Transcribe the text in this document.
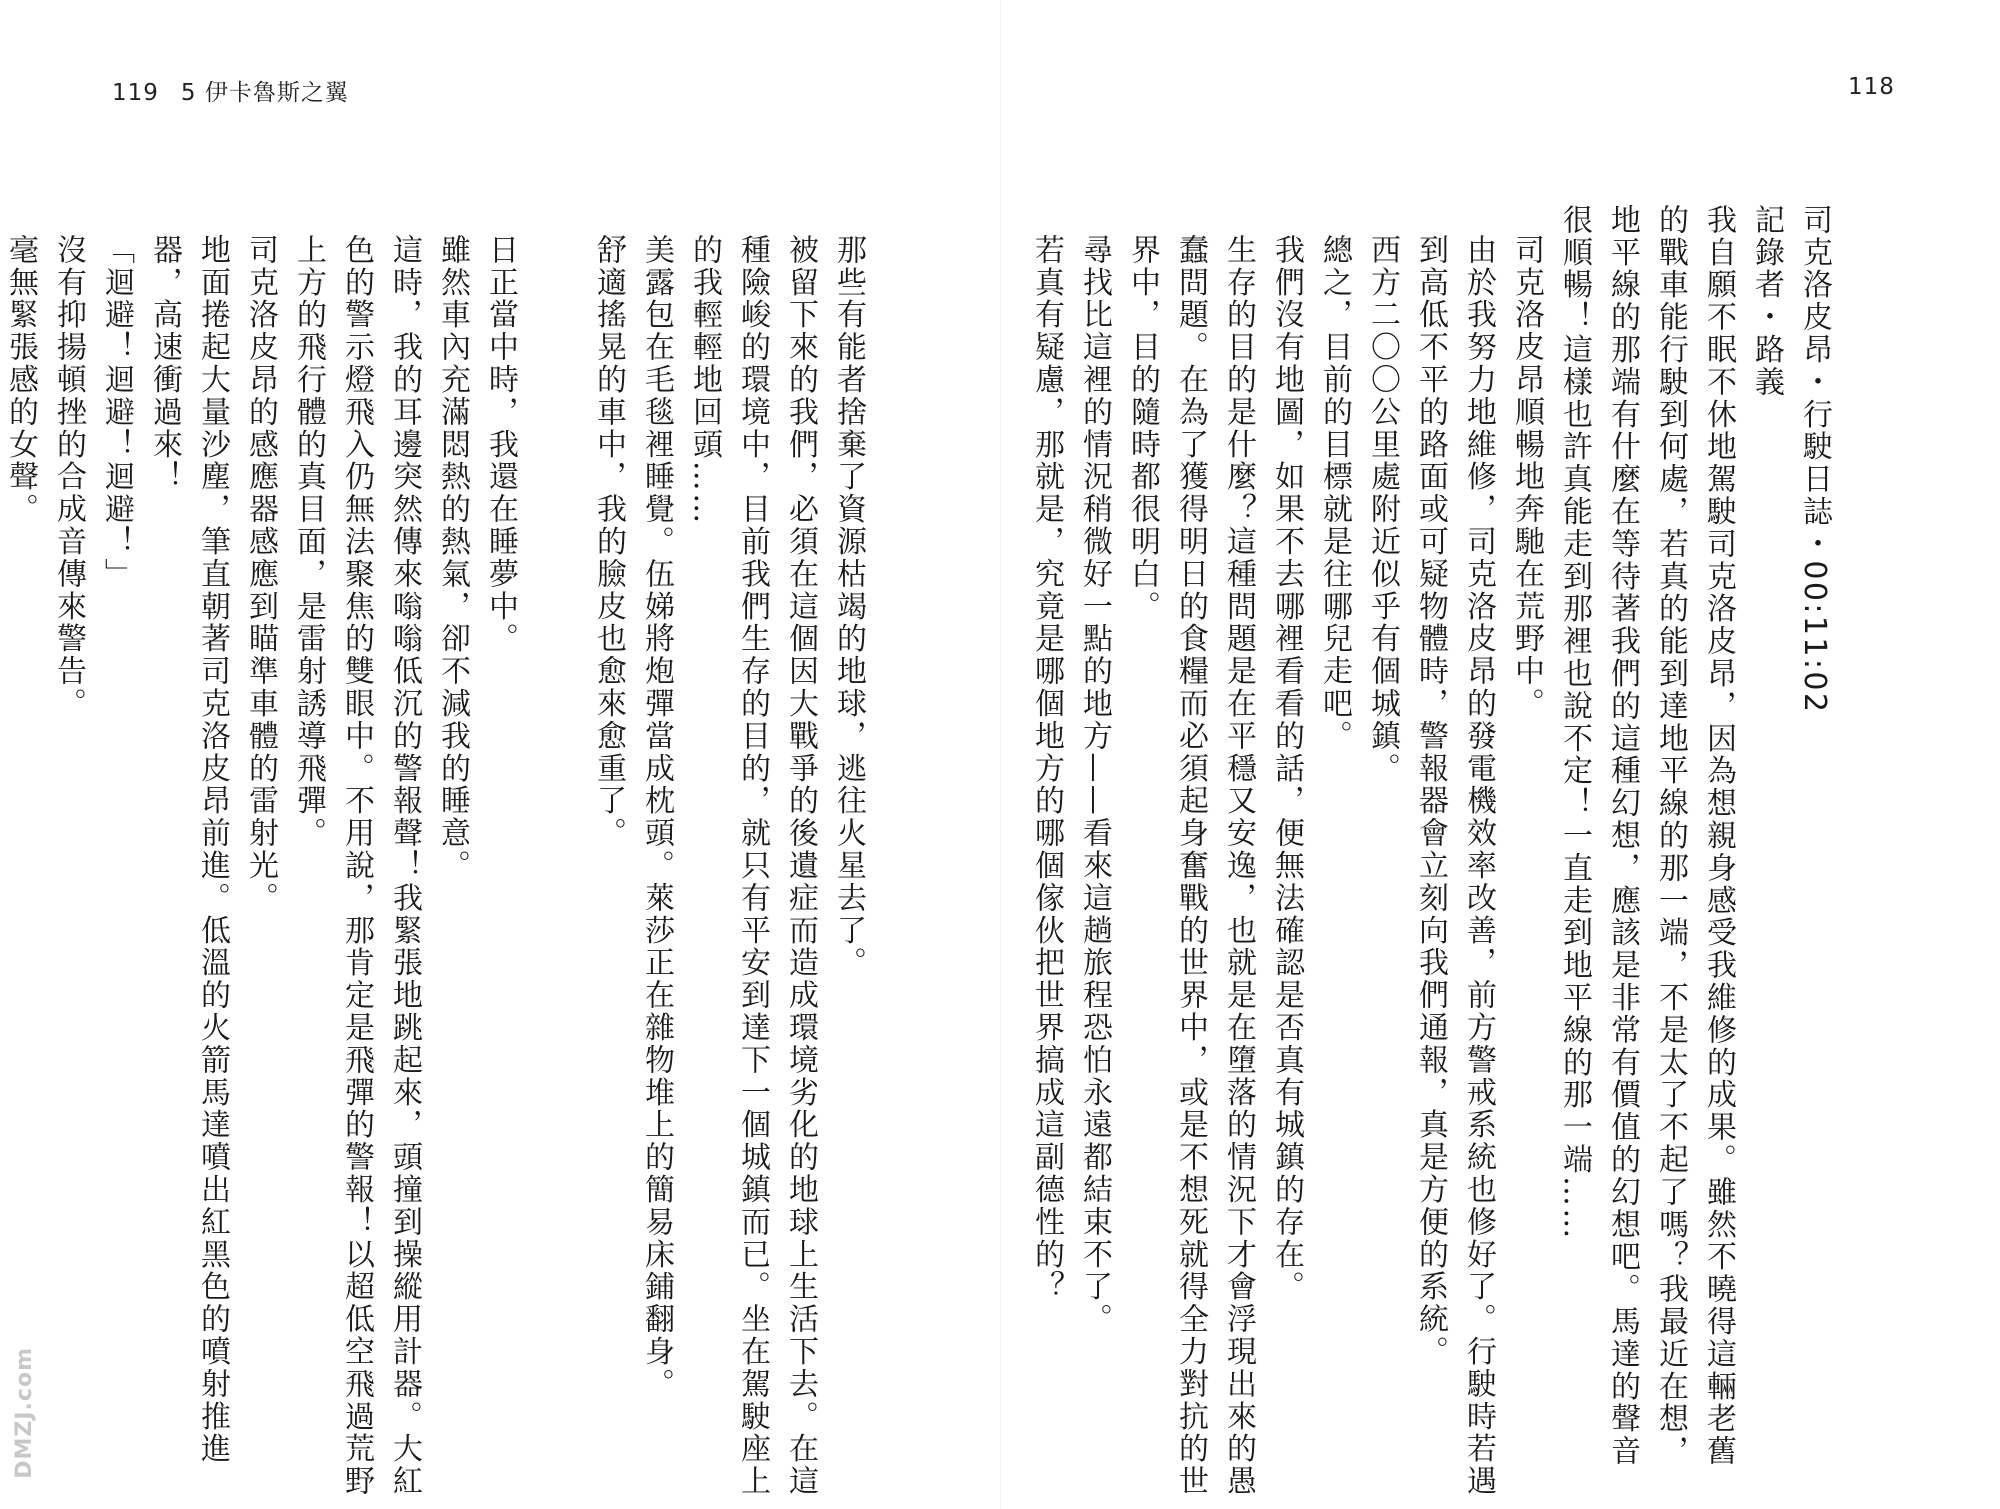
119 5 伊卡魯斯之翼	118

司克洛皮昂・行駛日誌・00:11:02

記錄者・路義

我自願不眠不休地駕駛司克洛皮昂，因為想親身感受我維修的成果。雖然不曉得這輛老舊的戰車能行駛到何處，若真的能到達地平線的那一端，不是太了不起了嗎？我最近在想，地平線的那端有什麼在等待著我們的這種幻想，應該是非常有價值的幻想吧。馬達的聲音很順暢！這樣也許真能走到那裡也說不定！一直走到地平線的那一端……

司克洛皮昂順暢地奔馳在荒野中。

由於我努力地維修，司克洛皮昂的發電機效率改善，前方警戒系統也修好了。行駛時若遇到高低不平的路面或可疑物體時，警報器會立刻向我們通報，真是方便的系統。

西方二〇〇公里處附近似乎有個城鎮。

總之，目前的目標就是往哪兒走吧。

我們沒有地圖，如果不去哪裡看看的話，便無法確認是否真有城鎮的存在。

生存的目的是什麼？這種問題是在平穩又安逸，也就是在墮落的情況下才會浮現出來的愚蠢問題。在為了獲得明日的食糧而必須起身奮戰的世界中，或是不想死就得全力對抗的世界中，目的隨時都很明白。

尋找比這裡的情況稍微好一點的地方——看來這趟旅程恐怕永遠都結束不了。

若真有疑慮，那就是，究竟是哪個地方的哪個傢伙把世界搞成這副德性的？

那些有能者捨棄了資源枯竭的地球，逃往火星去了。

被留下來的我們，必須在這個因大戰爭的後遺症而造成環境劣化的地球上生活下去。在這種險峻的環境中，目前我們生存的目的，就只有平安到達下一個城鎮而已。坐在駕駛座上的我輕輕地回頭……

美露包在毛毯裡睡覺。伍娣將炮彈當成枕頭。萊莎正在雜物堆上的簡易床鋪翻身。

舒適搖晃的車中，我的臉皮也愈來愈重了。

日正當中時，我還在睡夢中。

雖然車內充滿悶熱的熱氣，卻不減我的睡意。

這時，我的耳邊突然傳來嗡嗡低沉的警報聲！我緊張地跳起來，頭撞到操縱用計器。大紅色的警示燈飛入仍無法聚焦的雙眼中。不用說，那肯定是飛彈的警報！以超低空飛過荒野上方的飛行體的真目面，是雷射誘導飛彈。

司克洛皮昂的感應器感應到瞄準車體的雷射光。

地面捲起大量沙塵，筆直朝著司克洛皮昂前進。低溫的火箭馬達噴出紅黑色的噴射推進器，高速衝過來！

「迴避！迴避！迴避！」

沒有抑揚頓挫的合成音傳來警告。

毫無緊張感的女聲。

DMZJ.com
